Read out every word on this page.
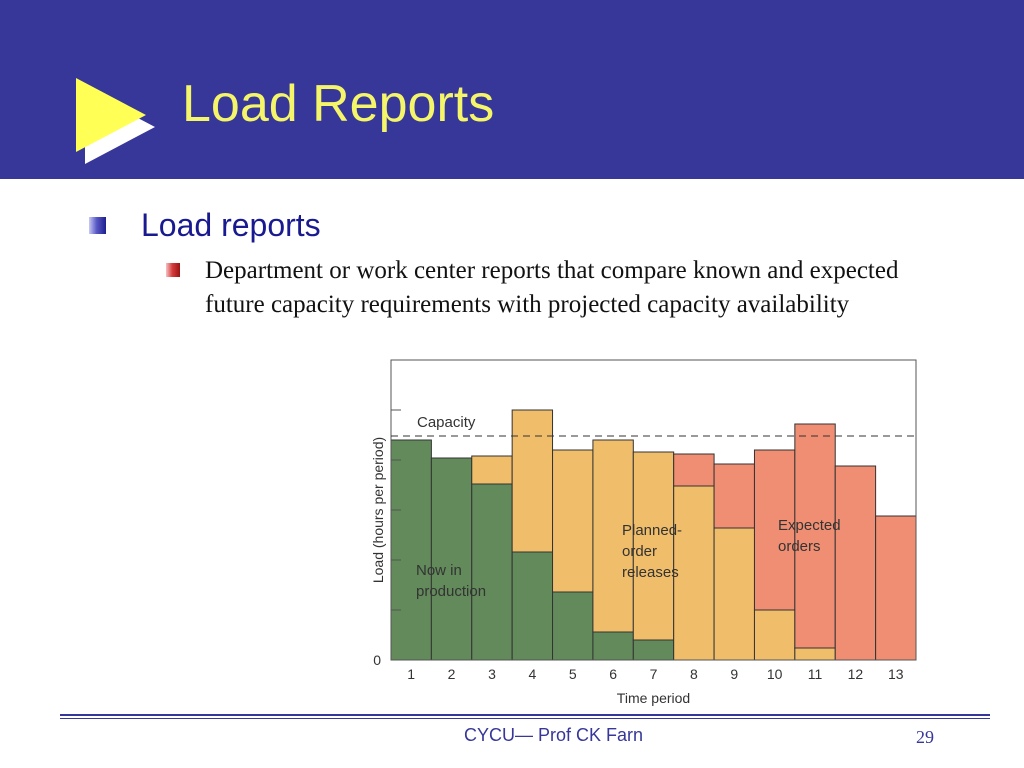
Load Reports
Load reports
Department or work center reports that compare known and expected future capacity requirements with projected capacity availability
Capacity
1 2 3 4 5 6 7 8 9 10 11 12 13
0
Time period
Load (hours per period) Now in
production
Planned-
order
releases
Expected
orders
CYCU— Prof CK Farn	29
